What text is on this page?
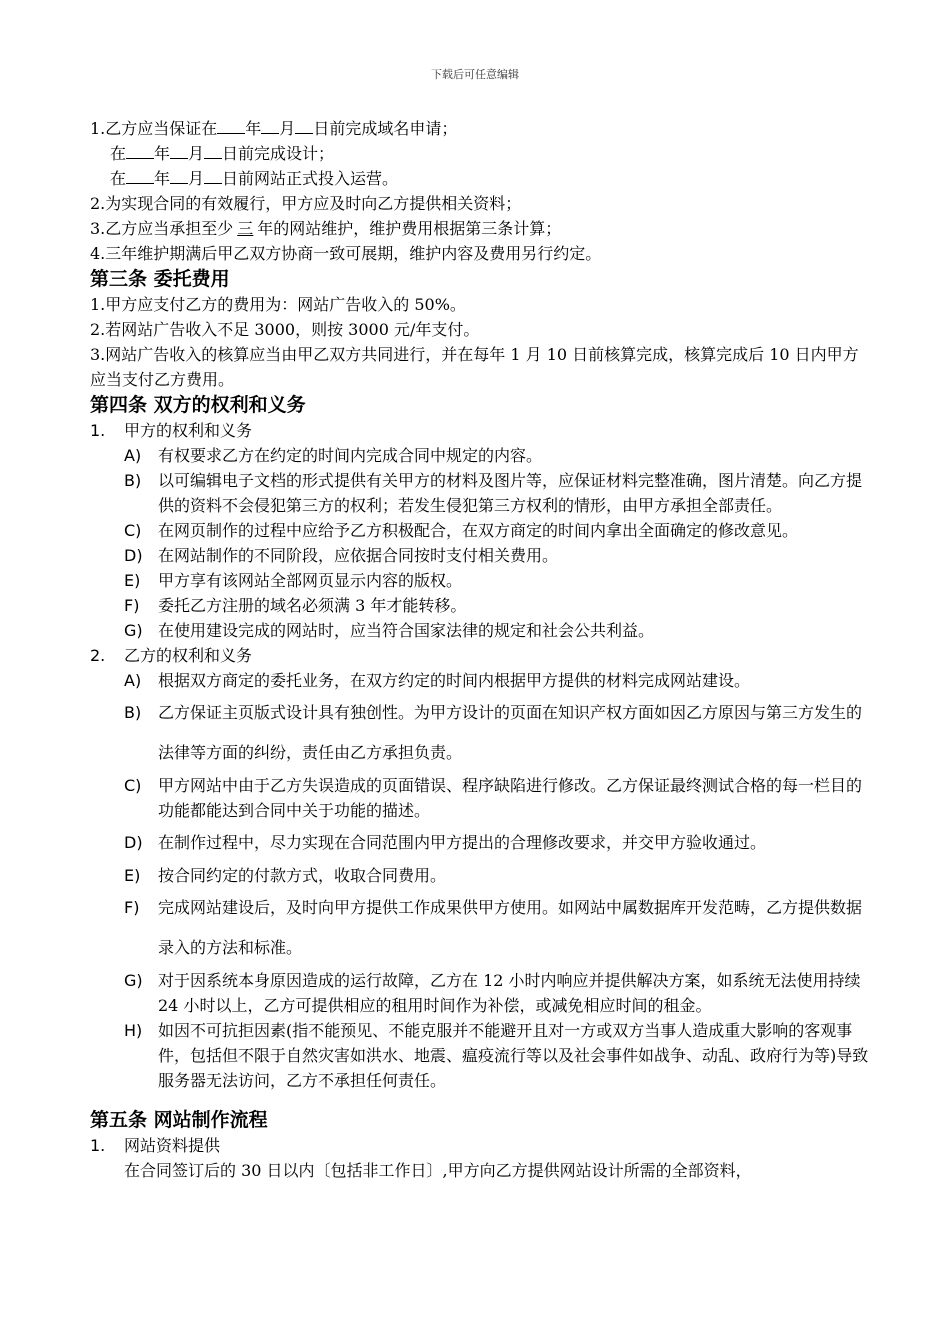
下载后可任意编辑

1.乙方应当保证在 年 月 日前完成域名申请；

在 年 月 日前完成设计；

在 年 月 日前网站正式投入运营。

2.为实现合同的有效履行，甲方应及时向乙方提供相关资料；

3.乙方应当承担至少 三 年的网站维护，维护费用根据第三条计算；

4.三年维护期满后甲乙双方协商一致可展期，维护内容及费用另行约定。

第三条 委托费用

1.甲方应支付乙方的费用为：网站广告收入的 50%。

2.若网站广告收入不足 3000，则按 3000 元/年支付。

3.网站广告收入的核算应当由甲乙双方共同进行，并在每年 1 月 10 日前核算完成，核算完成后 10 日内甲方应当支付乙方费用。

第四条 双方的权利和义务

1. 甲方的权利和义务

A) 有权要求乙方在约定的时间内完成合同中规定的内容。

B) 以可编辑电子文档的形式提供有关甲方的材料及图片等，应保证材料完整准确，图片清楚。向乙方提供的资料不会侵犯第三方的权利；若发生侵犯第三方权利的情形，由甲方承担全部责任。

C) 在网页制作的过程中应给予乙方积极配合，在双方商定的时间内拿出全面确定的修改意见。

D) 在网站制作的不同阶段，应依据合同按时支付相关费用。

E) 甲方享有该网站全部网页显示内容的版权。

F) 委托乙方注册的域名必须满 3 年才能转移。

G) 在使用建设完成的网站时，应当符合国家法律的规定和社会公共利益。

2. 乙方的权利和义务

A) 根据双方商定的委托业务，在双方约定的时间内根据甲方提供的材料完成网站建设。

B) 乙方保证主页版式设计具有独创性。为甲方设计的页面在知识产权方面如因乙方原因与第三方发生的法律等方面的纠纷，责任由乙方承担负责。

C) 甲方网站中由于乙方失误造成的页面错误、程序缺陷进行修改。乙方保证最终测试合格的每一栏目的功能都能达到合同中关于功能的描述。

D) 在制作过程中，尽力实现在合同范围内甲方提出的合理修改要求，并交甲方验收通过。

E) 按合同约定的付款方式，收取合同费用。

F) 完成网站建设后，及时向甲方提供工作成果供甲方使用。如网站中属数据库开发范畴，乙方提供数据录入的方法和标准。

G) 对于因系统本身原因造成的运行故障，乙方在 12 小时内响应并提供解决方案，如系统无法使用持续 24 小时以上，乙方可提供相应的租用时间作为补偿，或减免相应时间的租金。

H) 如因不可抗拒因素(指不能预见、不能克服并不能避开且对一方或双方当事人造成重大影响的客观事件，包括但不限于自然灾害如洪水、地震、瘟疫流行等以及社会事件如战争、动乱、政府行为等)导致服务器无法访问，乙方不承担任何责任。

第五条 网站制作流程

1. 网站资料提供

在合同签订后的 30 日以内〔包括非工作日〕,甲方向乙方提供网站设计所需的全部资料，
